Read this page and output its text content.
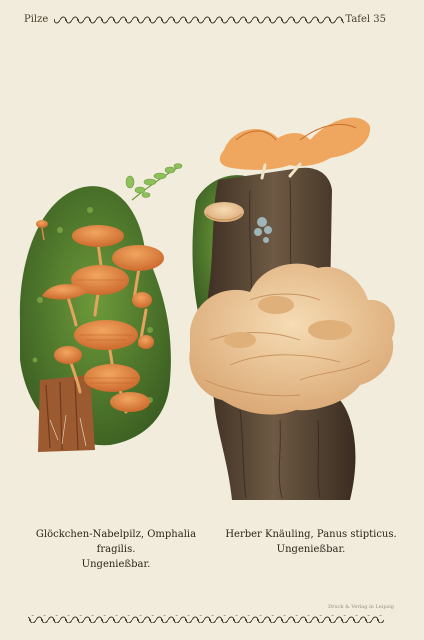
Pilze	Tafel 35
Glöckchen-Nabelpilz, Omphalia fragilis.
Ungenießbar.
Herber Knäuling, Panus stipticus.
Ungenießbar.
Druck & Verlag in Leipzig
